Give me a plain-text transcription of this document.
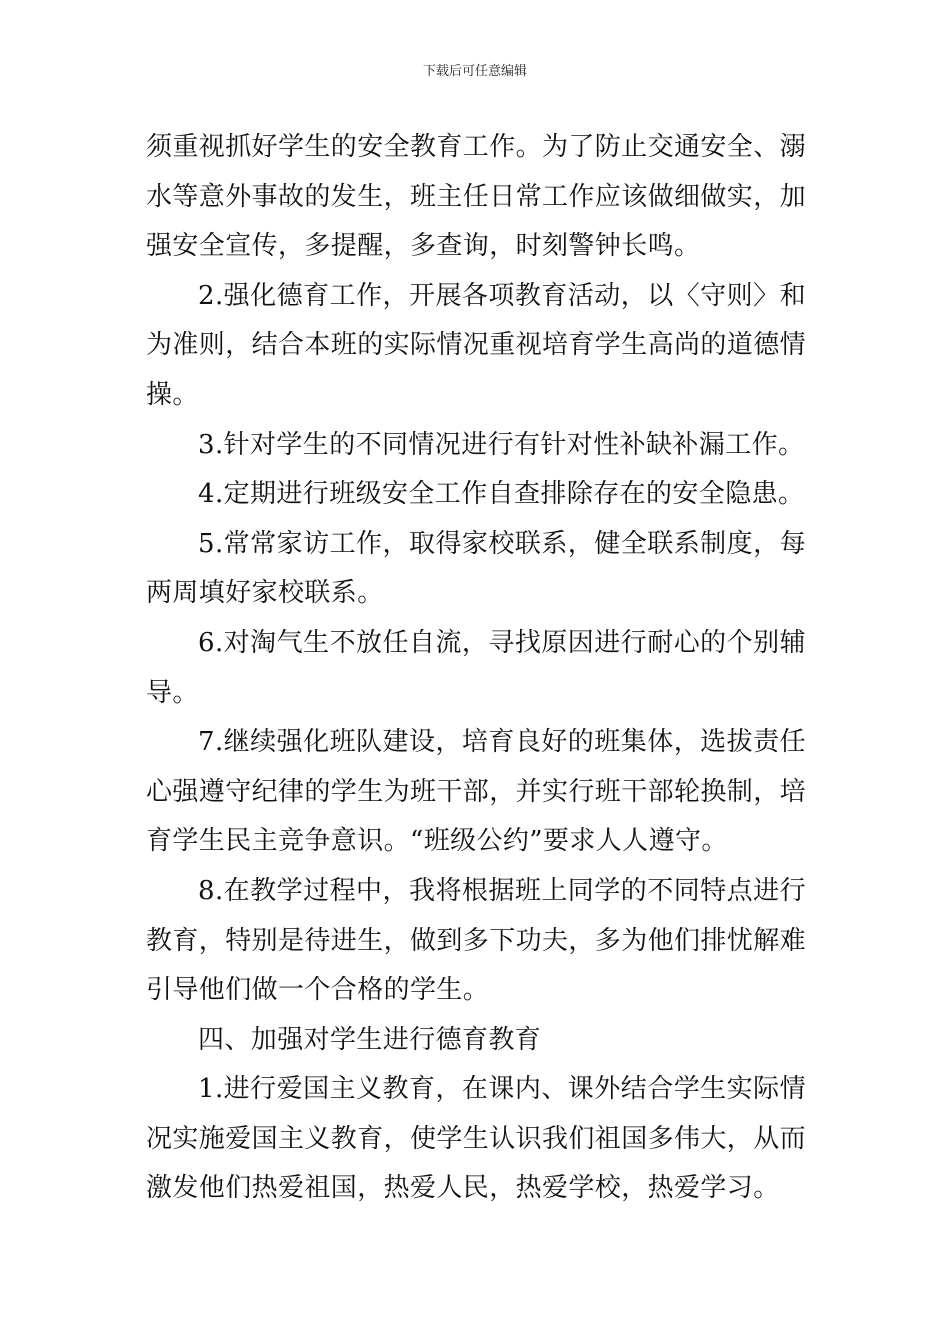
下载后可任意编辑
须重视抓好学生的安全教育工作。为了防止交通安全、溺
水等意外事故的发生，班主任日常工作应该做细做实，加
强安全宣传，多提醒，多查询，时刻警钟长鸣。
2.强化德育工作，开展各项教育活动，以〈守则〉和
为准则，结合本班的实际情况重视培育学生高尚的道德情
操。
3.针对学生的不同情况进行有针对性补缺补漏工作。
4.定期进行班级安全工作自查排除存在的安全隐患。
5.常常家访工作，取得家校联系，健全联系制度，每
两周填好家校联系。
6.对淘气生不放任自流，寻找原因进行耐心的个别辅
导。
7.继续强化班队建设，培育良好的班集体，选拔责任
心强遵守纪律的学生为班干部，并实行班干部轮换制，培
育学生民主竞争意识。“班级公约”要求人人遵守。
8.在教学过程中，我将根据班上同学的不同特点进行
教育，特别是待进生，做到多下功夫，多为他们排忧解难
引导他们做一个合格的学生。
四、加强对学生进行德育教育
1.进行爱国主义教育，在课内、课外结合学生实际情
况实施爱国主义教育，使学生认识我们祖国多伟大，从而
激发他们热爱祖国，热爱人民，热爱学校，热爱学习。
